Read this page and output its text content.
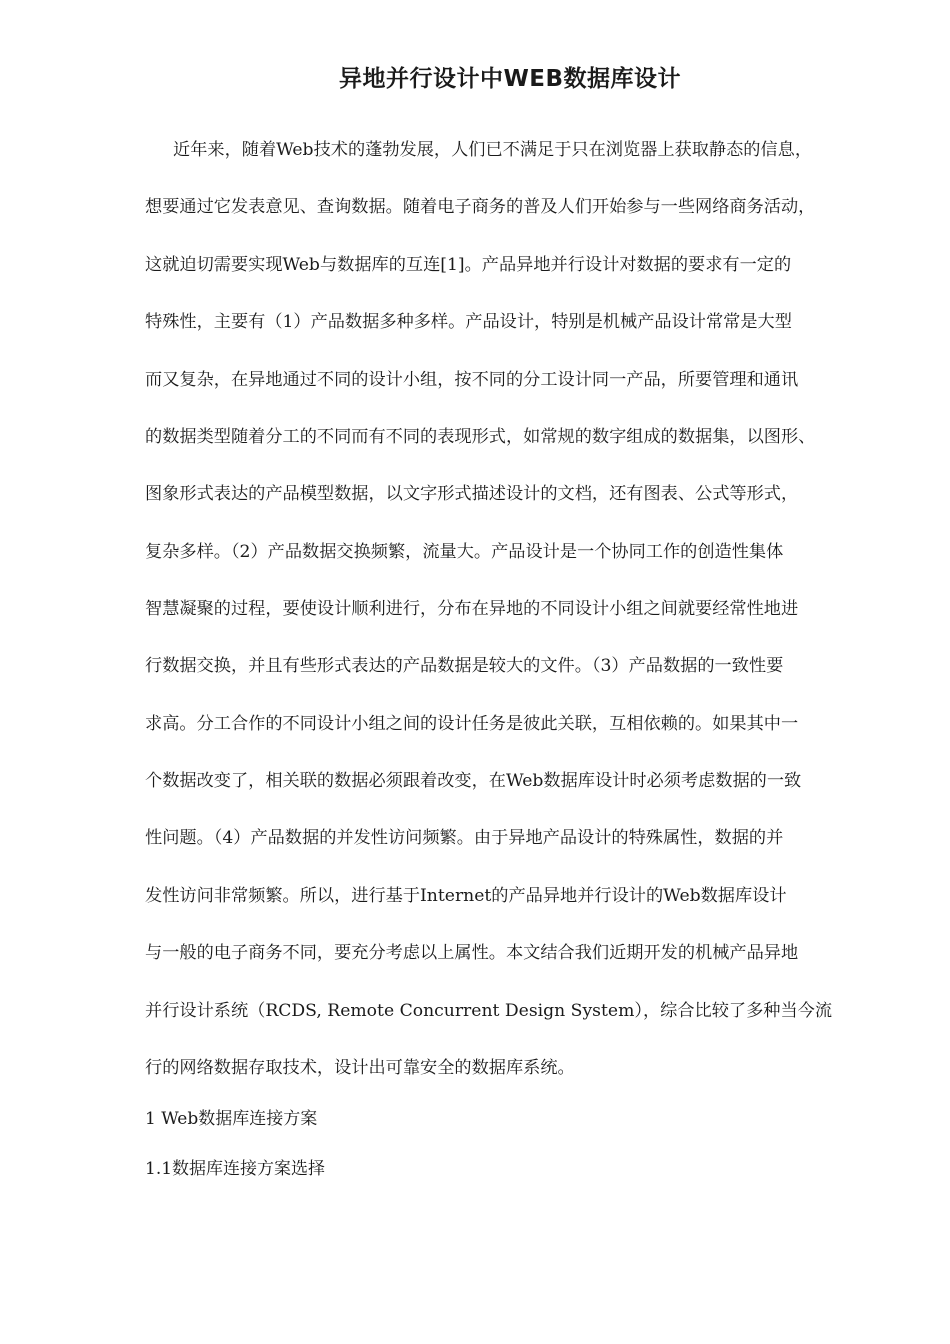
异地并行设计中WEB数据库设计
近年来，随着Web技术的蓬勃发展，人们已不满足于只在浏览器上获取静态的信息，
想要通过它发表意见、查询数据。随着电子商务的普及人们开始参与一些网络商务活动，
这就迫切需要实现Web与数据库的互连[1]。产品异地并行设计对数据的要求有一定的
特殊性，主要有（1）产品数据多种多样。产品设计，特别是机械产品设计常常是大型
而又复杂，在异地通过不同的设计小组，按不同的分工设计同一产品，所要管理和通讯
的数据类型随着分工的不同而有不同的表现形式，如常规的数字组成的数据集，以图形、
图象形式表达的产品模型数据，以文字形式描述设计的文档，还有图表、公式等形式，
复杂多样。（2）产品数据交换频繁，流量大。产品设计是一个协同工作的创造性集体
智慧凝聚的过程，要使设计顺利进行，分布在异地的不同设计小组之间就要经常性地进
行数据交换，并且有些形式表达的产品数据是较大的文件。（3）产品数据的一致性要
求高。分工合作的不同设计小组之间的设计任务是彼此关联，互相依赖的。如果其中一
个数据改变了，相关联的数据必须跟着改变，在Web数据库设计时必须考虑数据的一致
性问题。（4）产品数据的并发性访问频繁。由于异地产品设计的特殊属性，数据的并
发性访问非常频繁。所以，进行基于Internet的产品异地并行设计的Web数据库设计
与一般的电子商务不同，要充分考虑以上属性。本文结合我们近期开发的机械产品异地
并行设计系统（RCDS, Remote Concurrent Design System），综合比较了多种当今流
行的网络数据存取技术，设计出可靠安全的数据库系统。
1 Web数据库连接方案
1.1数据库连接方案选择
